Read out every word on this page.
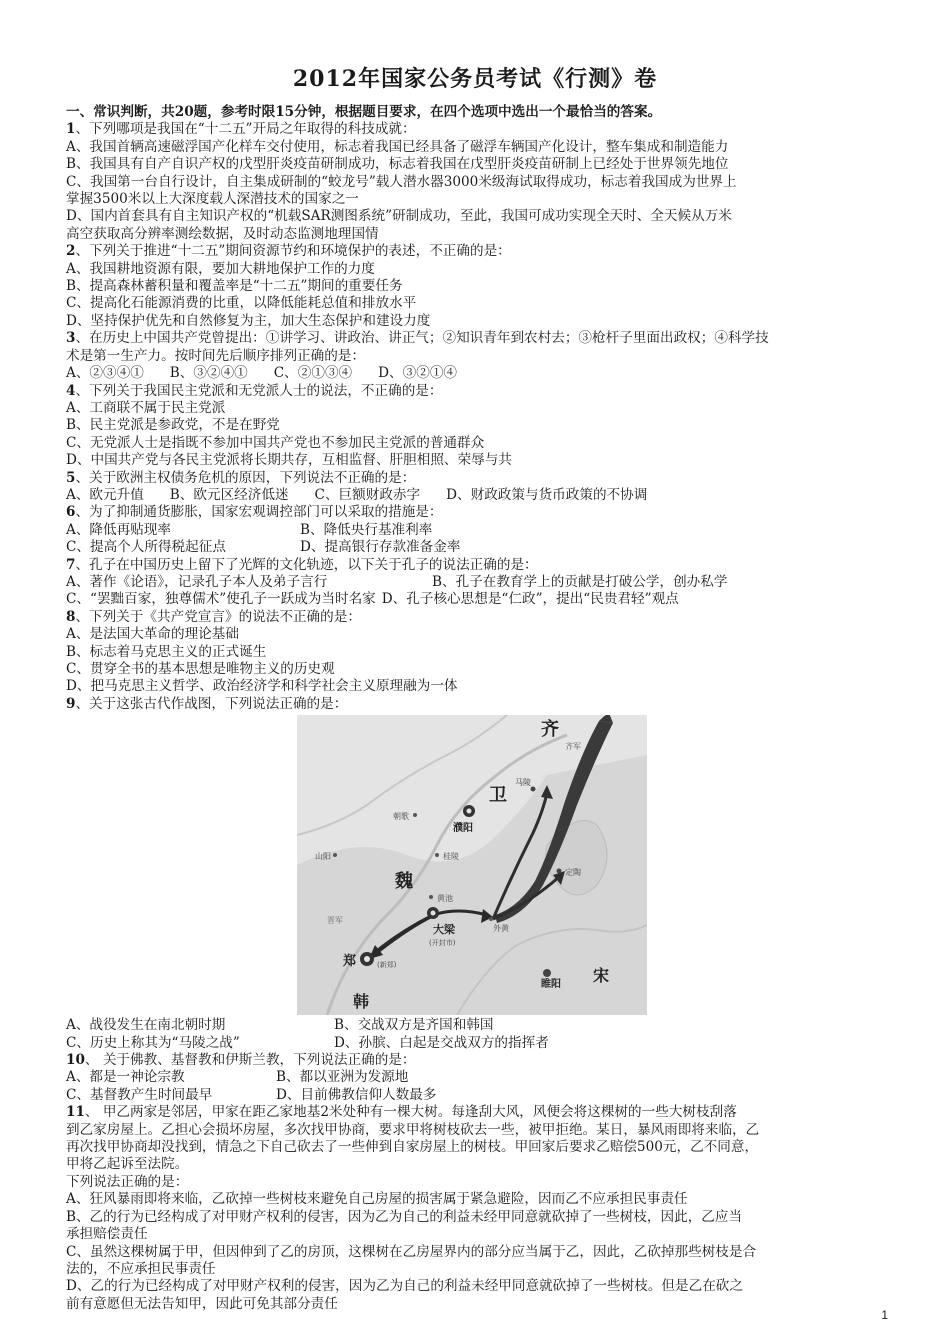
2012年国家公务员考试《行测》卷
一、常识判断，共20题，参考时限15分钟，根据题目要求，在四个选项中选出一个最恰当的答案。
1、下列哪项是我国在“十二五”开局之年取得的科技成就：
A、我国首辆高速磁浮国产化样车交付使用，标志着我国已经具备了磁浮车辆国产化设计，整车集成和制造能力
B、我国具有自产自识产权的戊型肝炎疫苗研制成功，标志着我国在戊型肝炎疫苗研制上已经处于世界领先地位
C、我国第一台自行设计，自主集成研制的“蛟龙号”载人潜水器3000米级海试取得成功，标志着我国成为世界上
掌握3500米以上大深度载人深潜技术的国家之一
D、国内首套具有自主知识产权的“机载SAR测图系统”研制成功，至此，我国可成功实现全天时、全天候从万米
高空获取高分辨率测绘数据，及时动态监测地理国情
2、下列关于推进“十二五”期间资源节约和环境保护的表述，不正确的是：
A、我国耕地资源有限，要加大耕地保护工作的力度
B、提高森林蓄积量和覆盖率是“十二五”期间的重要任务
C、提高化石能源消费的比重，以降低能耗总值和排放水平
D、坚持保护优先和自然修复为主，加大生态保护和建设力度
3、在历史上中国共产党曾提出：①讲学习、讲政治、讲正气；②知识青年到农村去；③枪杆子里面出政权；④科学技
术是第一生产力。按时间先后顺序排列正确的是：
A、②③④① B、③②④① C、②①③④ D、③②①④
4、下列关于我国民主党派和无党派人士的说法，不正确的是：
A、工商联不属于民主党派
B、民主党派是参政党，不是在野党
C、无党派人士是指既不参加中国共产党也不参加民主党派的普通群众
D、中国共产党与各民主党派将长期共存，互相监督、肝胆相照、荣辱与共
5、关于欧洲主权债务危机的原因，下列说法不正确的是：
A、欧元升值 B、欧元区经济低迷 C、巨额财政赤字 D、财政政策与货币政策的不协调
6、为了抑制通货膨胀，国家宏观调控部门可以采取的措施是：
A、降低再贴现率	B、降低央行基准利率
C、提高个人所得税起征点	D、提高银行存款准备金率
7、孔子在中国历史上留下了光辉的文化轨迹，以下关于孔子的说法正确的是：
A、著作《论语》，记录孔子本人及弟子言行	B、孔子在教育学上的贡献是打破公学，创办私学
C、“罢黜百家，独尊儒术”使孔子一跃成为当时名家 D、孔子核心思想是“仁政”，提出“民贵君轻”观点
8、下列关于《共产党宣言》的说法不正确的是：
A、是法国大革命的理论基础
B、标志着马克思主义的正式诞生
C、贯穿全书的基本思想是唯物主义的历史观
D、把马克思主义哲学、政治经济学和科学社会主义原理融为一体
9、关于这张古代作战图，下列说法正确的是：
齐
齐军
马陵
卫
濮阳
朝歌
山阳	桂陵
定陶
魏
黄池
大梁
(开封市)
外黄
晋军
郑	(新郑)
睢阳 宋
韩
A、战役发生在南北朝时期	B、交战双方是齐国和韩国
C、历史上称其为“马陵之战”	D、孙膑、白起是交战双方的指挥者
10、 关于佛教、基督教和伊斯兰教，下列说法正确的是：
A、都是一神论宗教	B、都以亚洲为发源地
C、基督教产生时间最早	D、目前佛教信仰人数最多
11、 甲乙两家是邻居，甲家在距乙家地基2米处种有一棵大树。每逢刮大风，风便会将这棵树的一些大树枝刮落
到乙家房屋上。乙担心会损坏房屋，多次找甲协商，要求甲将树枝砍去一些，被甲拒绝。某日，暴风雨即将来临，乙
再次找甲协商却没找到，情急之下自己砍去了一些伸到自家房屋上的树枝。甲回家后要求乙赔偿500元，乙不同意，
甲将乙起诉至法院。
下列说法正确的是：
A、狂风暴雨即将来临，乙砍掉一些树枝来避免自己房屋的损害属于紧急避险，因而乙不应承担民事责任
B、乙的行为已经构成了对甲财产权利的侵害，因为乙为自己的利益未经甲同意就砍掉了一些树枝，因此，乙应当
承担赔偿责任
C、虽然这棵树属于甲，但因伸到了乙的房顶，这棵树在乙房屋界内的部分应当属于乙，因此，乙砍掉那些树枝是合
法的，不应承担民事责任
D、乙的行为已经构成了对甲财产权利的侵害，因为乙为自己的利益未经甲同意就砍掉了一些树枝。但是乙在砍之
前有意愿但无法告知甲，因此可免其部分责任
1
